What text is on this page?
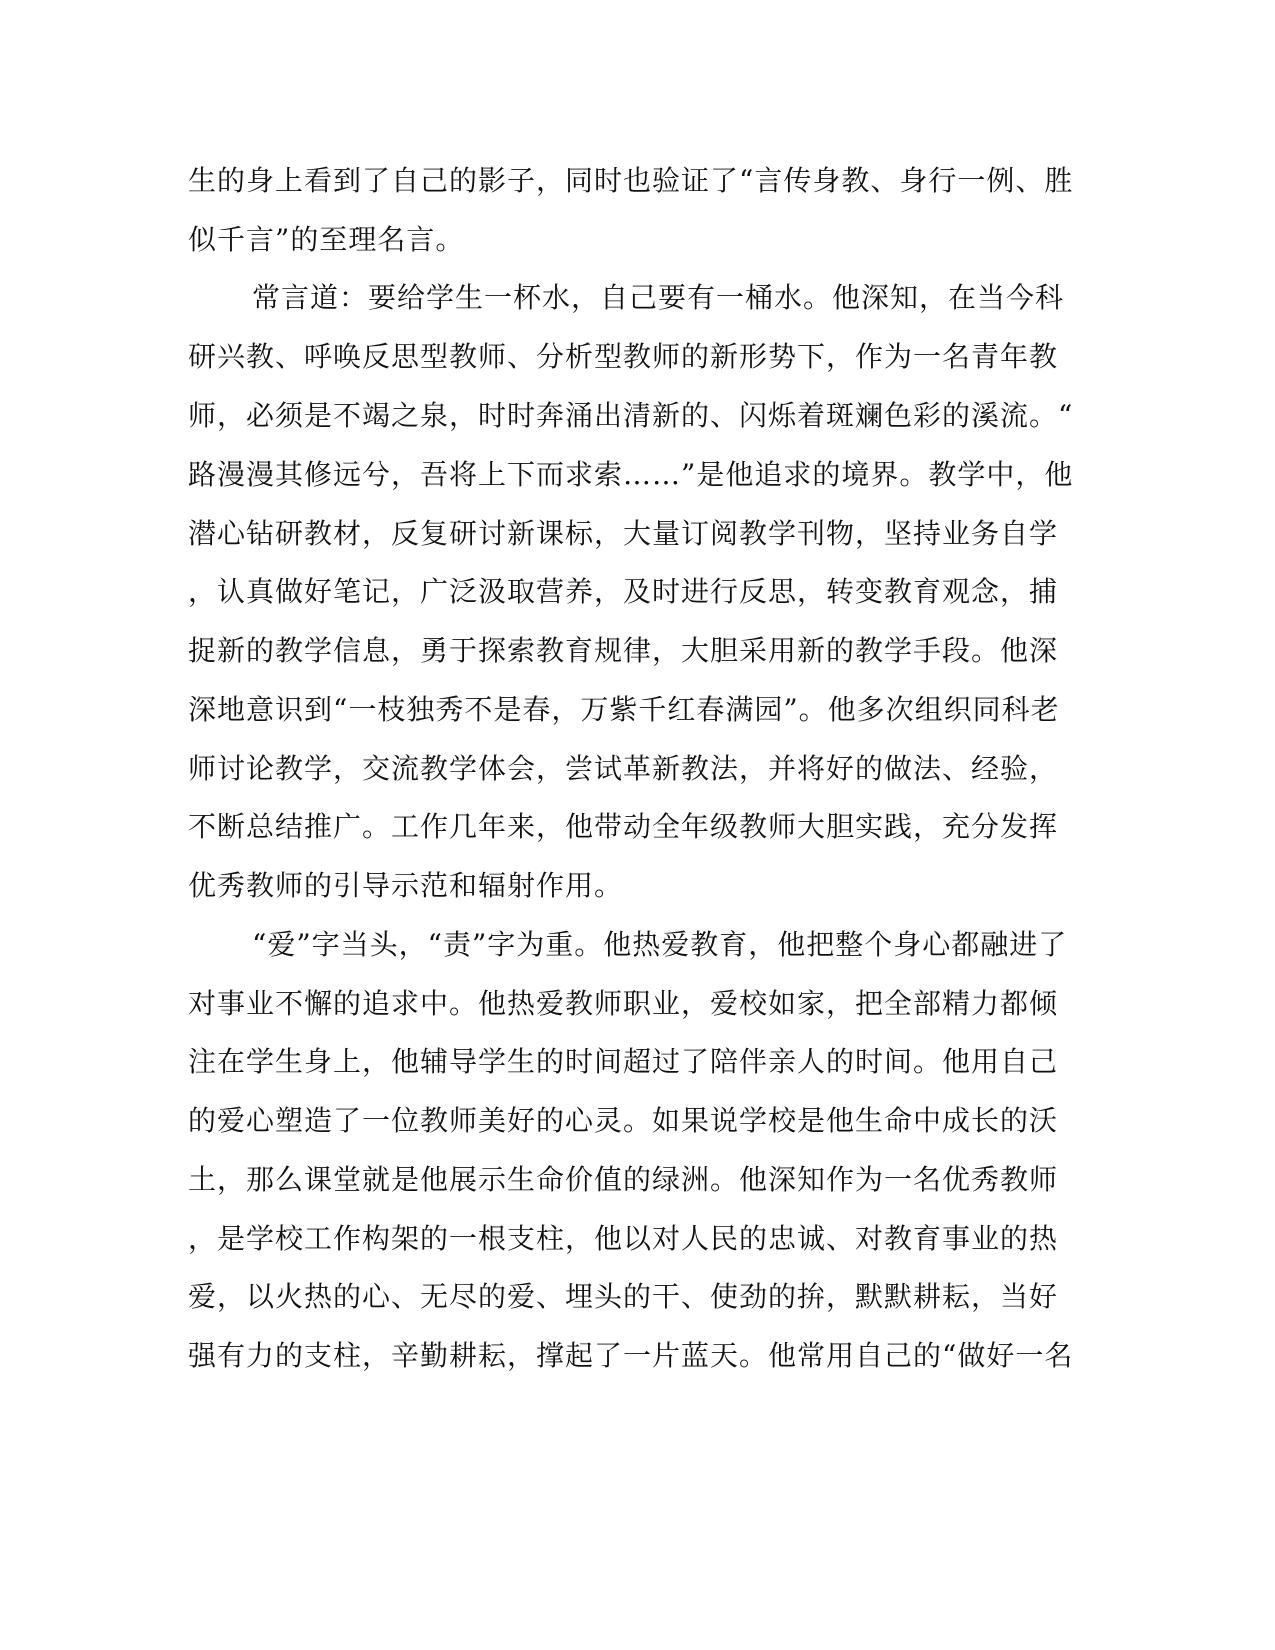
生的身上看到了自己的影子，同时也验证了“言传身教、身行一例、胜
似千言”的至理名言。
常言道：要给学生一杯水，自己要有一桶水。他深知，在当今科
研兴教、呼唤反思型教师、分析型教师的新形势下，作为一名青年教
师，必须是不竭之泉，时时奔涌出清新的、闪烁着斑斓色彩的溪流。“
路漫漫其修远兮，吾将上下而求索……”是他追求的境界。教学中，他
潜心钻研教材，反复研讨新课标，大量订阅教学刊物，坚持业务自学
，认真做好笔记，广泛汲取营养，及时进行反思，转变教育观念，捕
捉新的教学信息，勇于探索教育规律，大胆采用新的教学手段。他深
深地意识到“一枝独秀不是春，万紫千红春满园”。他多次组织同科老
师讨论教学，交流教学体会，尝试革新教法，并将好的做法、经验，
不断总结推广。工作几年来，他带动全年级教师大胆实践，充分发挥
优秀教师的引导示范和辐射作用。
“爱”字当头，“责”字为重。他热爱教育，他把整个身心都融进了
对事业不懈的追求中。他热爱教师职业，爱校如家，把全部精力都倾
注在学生身上，他辅导学生的时间超过了陪伴亲人的时间。他用自己
的爱心塑造了一位教师美好的心灵。如果说学校是他生命中成长的沃
土，那么课堂就是他展示生命价值的绿洲。他深知作为一名优秀教师
，是学校工作构架的一根支柱，他以对人民的忠诚、对教育事业的热
爱，以火热的心、无尽的爱、埋头的干、使劲的拚，默默耕耘，当好
强有力的支柱，辛勤耕耘，撑起了一片蓝天。他常用自己的“做好一名
